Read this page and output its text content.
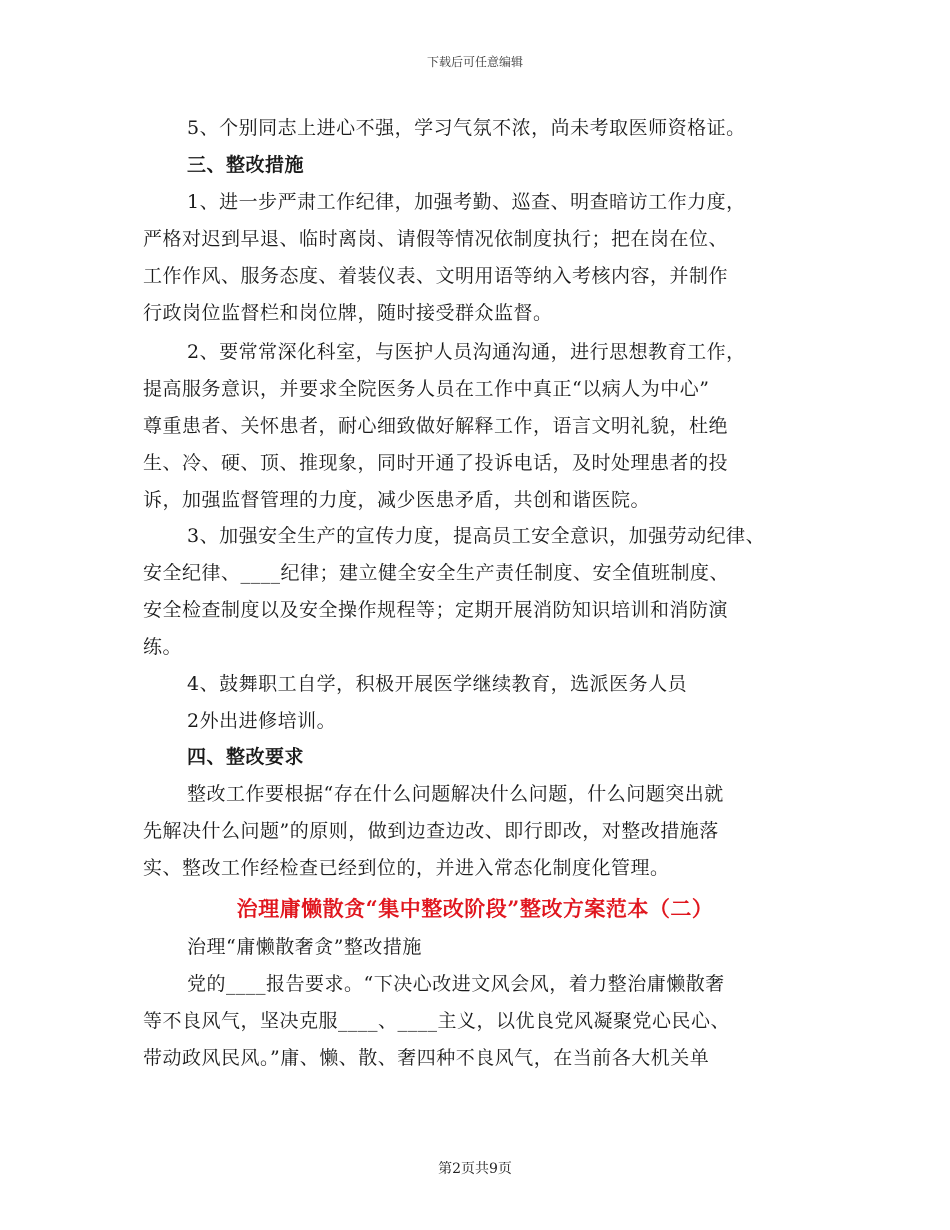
下载后可任意编辑
5、个别同志上进心不强，学习气氛不浓，尚未考取医师资格证。
三、整改措施
1、进一步严肃工作纪律，加强考勤、巡查、明查暗访工作力度，
严格对迟到早退、临时离岗、请假等情况依制度执行；把在岗在位、
工作作风、服务态度、着装仪表、文明用语等纳入考核内容，并制作
行政岗位监督栏和岗位牌，随时接受群众监督。
2、要常常深化科室，与医护人员沟通沟通，进行思想教育工作，
提高服务意识，并要求全院医务人员在工作中真正“以病人为中心”
尊重患者、关怀患者，耐心细致做好解释工作，语言文明礼貌，杜绝
生、冷、硬、顶、推现象，同时开通了投诉电话，及时处理患者的投
诉，加强监督管理的力度，减少医患矛盾，共创和谐医院。
3、加强安全生产的宣传力度，提高员工安全意识，加强劳动纪律、
安全纪律、____纪律；建立健全安全生产责任制度、安全值班制度、
安全检查制度以及安全操作规程等；定期开展消防知识培训和消防演
练。
4、鼓舞职工自学，积极开展医学继续教育，选派医务人员
2外出进修培训。
四、整改要求
整改工作要根据“存在什么问题解决什么问题，什么问题突出就
先解决什么问题”的原则，做到边查边改、即行即改，对整改措施落
实、整改工作经检查已经到位的，并进入常态化制度化管理。
治理庸懒散贪“集中整改阶段”整改方案范本（二）
治理“庸懒散奢贪”整改措施
党的____报告要求。“下决心改进文风会风，着力整治庸懒散奢
等不良风气，坚决克服____、____主义，以优良党风凝聚党心民心、
带动政风民风。”庸、懒、散、奢四种不良风气，在当前各大机关单
第2页共9页
